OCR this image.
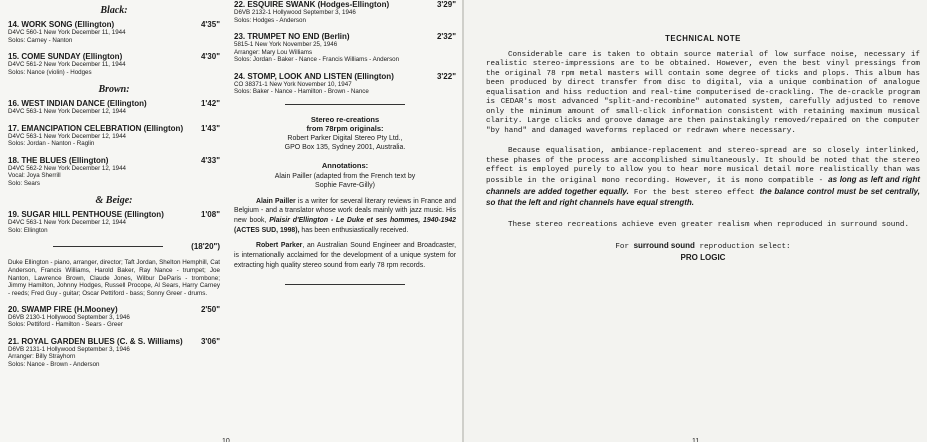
Black:
14. WORK SONG (Ellington)	4'35"
D4VC 560-1 New York December 11, 1944
Solos: Carney - Nanton
15. COME SUNDAY (Ellington)	4'30"
D4VC 561-2 New York December 11, 1944
Solos: Nance (violin) - Hodges
Brown:
16. WEST INDIAN DANCE (Ellington)	1'42"
D4VC 563-1 New York December 12, 1944
17. EMANCIPATION CELEBRATION (Ellington) 1'43"
D4VC 563-1 New York December 12, 1944
Solos: Jordan - Nanton - Raglin
18. THE BLUES (Ellington)	4'33"
D4VC 562-2 New York December 12, 1944
Vocal: Joya Sherrill
Solo: Sears
& Beige:
19. SUGAR HILL PENTHOUSE (Ellington)	1'08"
D4VC 563-1 New York December 12, 1944
Solo: Ellington
(18'20")
Duke Ellington - piano, arranger, director; Taft Jordan, Shelton Hemphill, Cat Anderson, Francis Williams, Harold Baker, Ray Nance - trumpet; Joe Nanton, Lawrence Brown, Claude Jones, Wilbur DeParis - trombone; Jimmy Hamilton, Johnny Hodges, Russell Procope, Al Sears, Harry Carney - reeds; Fred Guy - guitar; Oscar Pettiford - bass; Sonny Greer - drums.
20. SWAMP FIRE (H.Mooney)	2'50"
D6VB 2130-1 Hollywood September 3, 1946
Solos: Pettiford - Hamilton - Sears - Greer
21. ROYAL GARDEN BLUES (C. & S. Williams) 3'06"
D6VB 2131-1 Hollywood September 3, 1946
Arranger: Billy Strayhorn
Solos: Nance - Brown - Anderson
22. ESQUIRE SWANK (Hodges-Ellington)	3'29"
D6VB 2132-1 Hollywood September 3, 1946
Solos: Hodges - Anderson
23. TRUMPET NO END (Berlin)	2'32"
5815-1 New York November 25, 1946
Arranger: Mary Lou Williams
Solos: Jordan - Baker - Nance - Francis Williams - Anderson
24. STOMP, LOOK AND LISTEN (Ellington)	3'22"
CO 38371-1 New York November 10, 1947
Solos: Baker - Nance - Hamilton - Brown - Nance
Stereo re-creations
from 78rpm originals:
Robert Parker Digital Stereo Pty Ltd.,
GPO Box 135, Sydney 2001, Australia.
Annotations:
Alain Pailler (adapted from the French text by
Sophie Favre-Gilly)

Alain Pailler is a writer for several literary reviews in France and Belgium - and a translator whose work deals mainly with jazz music. His new book, Plaisir d'Ellington - Le Duke et ses hommes, 1940-1942 (ACTES SUD, 1998), has been enthusiastically received.

Robert Parker, an Australian Sound Engineer and Broadcaster, is internationally acclaimed for the development of a unique system for extracting high quality stereo sound from early 78 rpm records.

10
TECHNICAL NOTE

Considerable care is taken to obtain source material of low surface noise, necessary if realistic stereo-impressions are to be obtained. However, even the best vinyl pressings from the original 78 rpm metal masters will contain some degree of ticks and plops. This album has been produced by direct transfer from disc to digital, via a unique combination of analogue equalisation and hiss reduction and real-time computerised de-crackling. The de-crackle program is CEDAR's most advanced "split-and-recombine" automated system, carefully adjusted to remove only the minimum amount of small-click information consistent with retaining maximum musical clarity. Large clicks and groove damage are then painstakingly removed/repaired on the computer "by hand" and damaged waveforms replaced or redrawn where necessary.

Because equalisation, ambiance-replacement and stereo-spread are so closely interlinked, these phases of the process are accomplished simultaneously. It should be noted that the stereo effect is employed purely to allow you to hear more musical detail more realistically than was possible in the original mono recording. However, it is mono compatible - as long as left and right channels are added together equally. For the best stereo effect the balance control must be set centrally, so that the left and right channels have equal strength.

These stereo recreations achieve even greater realism when reproduced in surround sound.

For surround sound reproduction select:
PRO LOGIC
11
